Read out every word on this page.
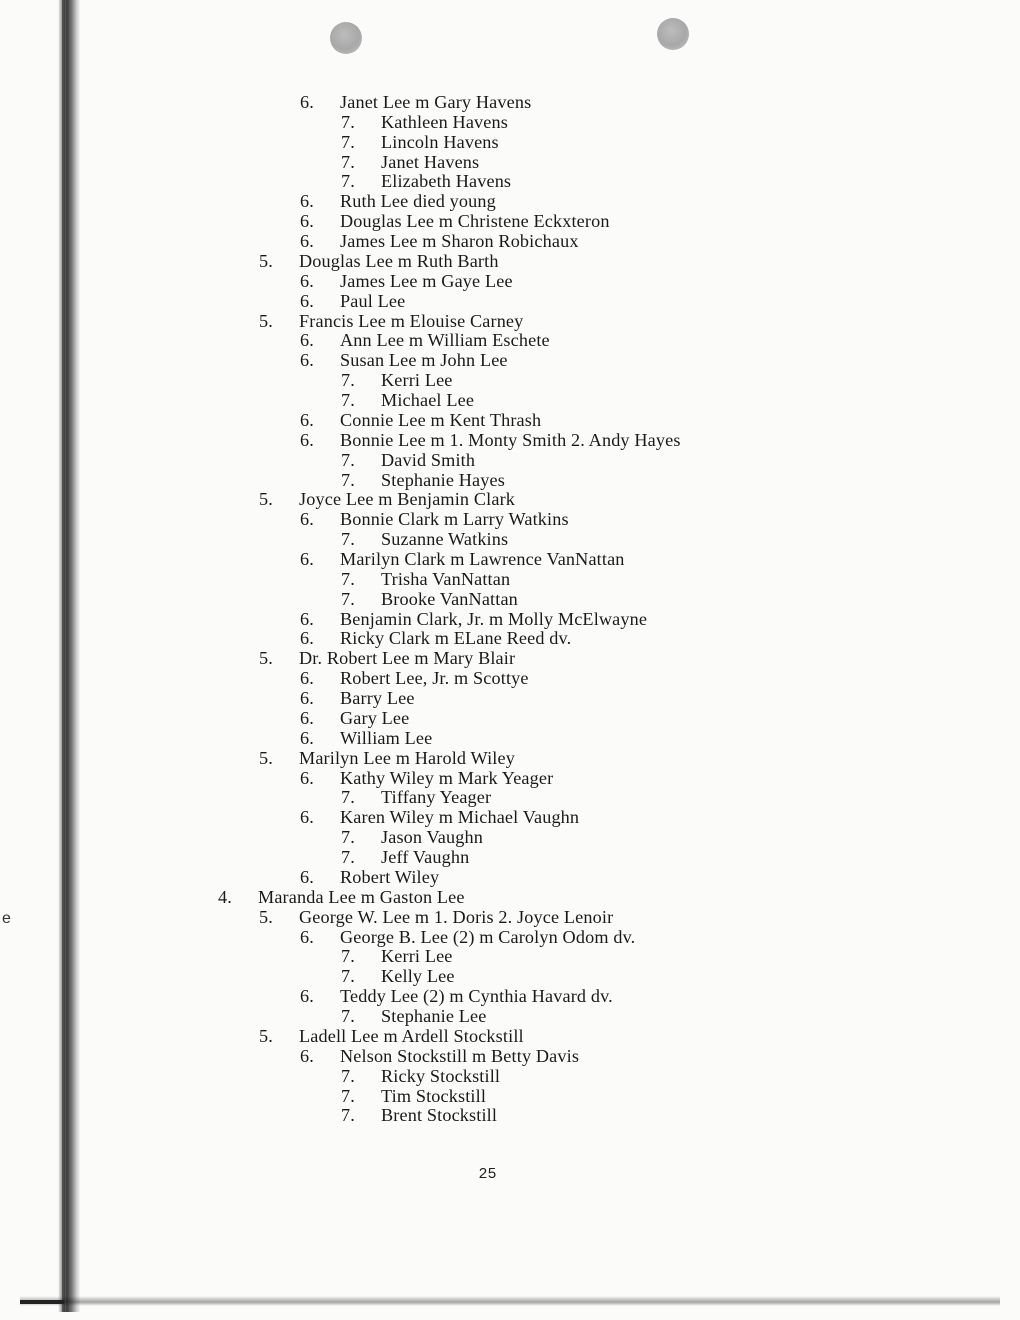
e
6. Janet Lee m Gary Havens
7. Kathleen Havens
7. Lincoln Havens
7. Janet Havens
7. Elizabeth Havens
6. Ruth Lee died young
6. Douglas Lee m Christene Eckxteron
6. James Lee m Sharon Robichaux
5. Douglas Lee m Ruth Barth
6. James Lee m Gaye Lee
6. Paul Lee
5. Francis Lee m Elouise Carney
6. Ann Lee m William Eschete
6. Susan Lee m John Lee
7. Kerri Lee
7. Michael Lee
6. Connie Lee m Kent Thrash
6. Bonnie Lee m 1. Monty Smith 2. Andy Hayes
7. David Smith
7. Stephanie Hayes
5. Joyce Lee m Benjamin Clark
6. Bonnie Clark m Larry Watkins
7. Suzanne Watkins
6. Marilyn Clark m Lawrence VanNattan
7. Trisha VanNattan
7. Brooke VanNattan
6. Benjamin Clark, Jr. m Molly McElwayne
6. Ricky Clark m ELane Reed dv.
5. Dr. Robert Lee m Mary Blair
6. Robert Lee, Jr. m Scottye
6. Barry Lee
6. Gary Lee
6. William Lee
5. Marilyn Lee m Harold Wiley
6. Kathy Wiley m Mark Yeager
7. Tiffany Yeager
6. Karen Wiley m Michael Vaughn
7. Jason Vaughn
7. Jeff Vaughn
6. Robert Wiley
4. Maranda Lee m Gaston Lee
5. George W. Lee m 1. Doris 2. Joyce Lenoir
6. George B. Lee (2) m Carolyn Odom dv.
7. Kerri Lee
7. Kelly Lee
6. Teddy Lee (2) m Cynthia Havard dv.
7. Stephanie Lee
5. Ladell Lee m Ardell Stockstill
6. Nelson Stockstill m Betty Davis
7. Ricky Stockstill
7. Tim Stockstill
7. Brent Stockstill
25
